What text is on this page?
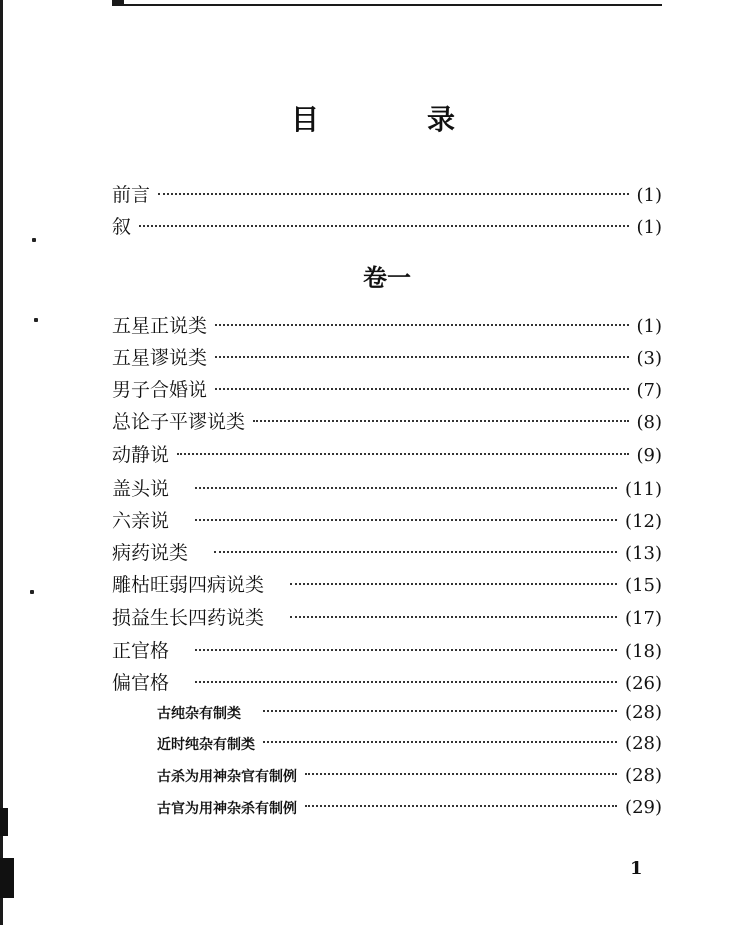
目　录
前言	(1)
叙	(1)
卷一
五星正说类	(1)
五星谬说类	(3)
男子合婚说	(7)
总论子平谬说类	(8)
动静说	(9)
盖头说	(11)
六亲说	(12)
病药说类	(13)
雕枯旺弱四病说类	(15)
损益生长四药说类	(17)
正官格	(18)
偏官格	(26)
古纯杂有制类	(28)
近时纯杂有制类	(28)
古杀为用神杂官有制例	(28)
古官为用神杂杀有制例	(29)
1
